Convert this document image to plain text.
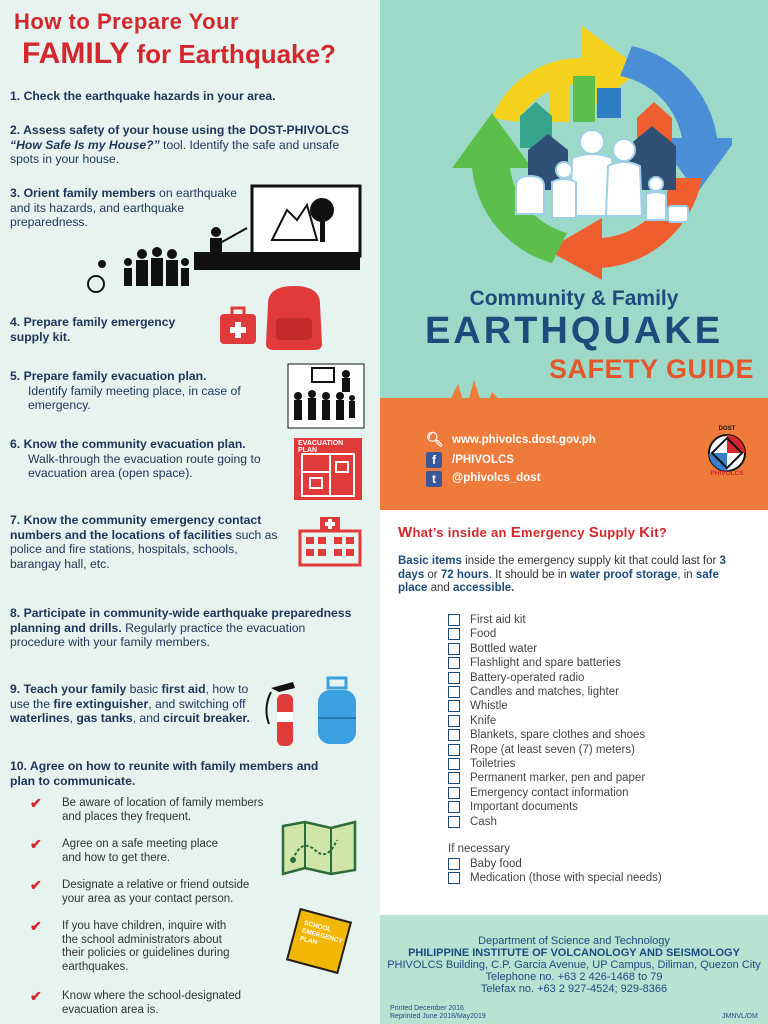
How to Prepare Your
FAMILY for Earthquake?
1. Check the earthquake hazards in your area.
2. Assess safety of your house using the DOST-PHIVOLCS “How Safe Is my House?” tool. Identify the safe and unsafe spots in your house.
3. Orient family members on earthquake and its hazards, and earthquake preparedness.
4. Prepare family emergency supply kit.
5. Prepare family evacuation plan.
Identify family meeting place, in case of emergency.
6. Know the community evacuation plan.
Walk-through the evacuation route going to evacuation area (open space).
EVACUATION PLAN
7. Know the community emergency contact numbers and the locations of facilities such as police and fire stations, hospitals, schools, barangay hall, etc.
8. Participate in community-wide earthquake preparedness planning and drills. Regularly practice the evacuation procedure with your family members.
9. Teach your family basic first aid, how to use the fire extinguisher, and switching off waterlines, gas tanks, and circuit breaker.
10. Agree on how to reunite with family members and plan to communicate.
✔	Be aware of location of family members and places they frequent.
✔	Agree on a safe meeting place and how to get there.
✔	Designate a relative or friend outside your area as your contact person.
✔	If you have children, inquire with the school administrators about their policies or guidelines during earthquakes.
✔	Know where the school-designated evacuation area is.
SCHOOL EMERGENCY PLAN
Community & Family
EARTHQUAKE
SAFETY GUIDE
🔍︎ www.phivolcs.dost.gov.ph
f	/PHIVOLCS
t	@phivolcs_dost
DOST
PHIVOLCS
What’s inside an Emergency Supply Kit?
Basic items inside the emergency supply kit that could last for 3 days or 72 hours. It should be in water proof storage, in safe place and accessible.
First aid kit
Food
Bottled water
Flashlight and spare batteries
Battery-operated radio
Candles and matches, lighter
Whistle
Knife
Blankets, spare clothes and shoes
Rope (at least seven (7) meters)
Toiletries
Permanent marker, pen and paper
Emergency contact information
Important documents
Cash
If necessary
Baby food
Medication (those with special needs)
Department of Science and Technology
PHILIPPINE INSTITUTE OF VOLCANOLOGY AND SEISMOLOGY
PHIVOLCS Building, C.P. Garcia Avenue, UP Campus, Diliman, Quezon City
Telephone no. +63 2 426-1468 to 79
Telefax no. +63 2 927-4524; 929-8366
Printed December 2016
Reprinted June 2018/May2019	JMNVL/DM
